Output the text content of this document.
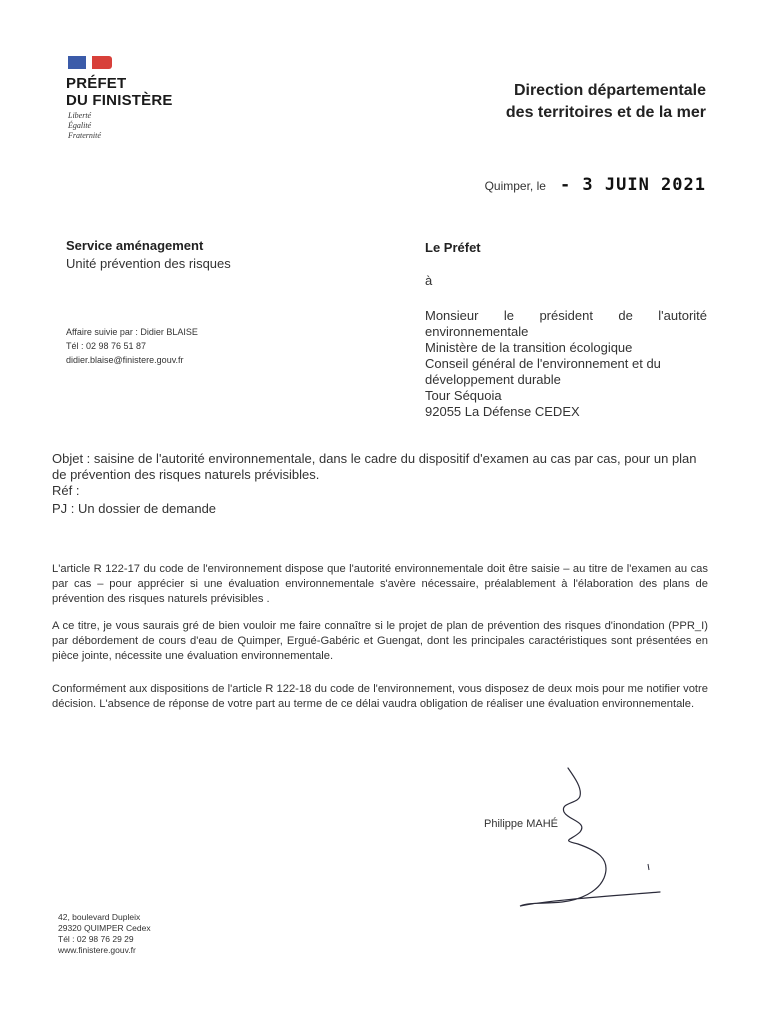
PRÉFET
DU FINISTÈRE
Liberté
Égalité
Fraternité
Direction départementale
des territoires et de la mer
Quimper, le - 3 JUIN 2021
Service aménagement
Unité prévention des risques
Affaire suivie par : Didier BLAISE
Tél : 02 98 76 51 87
didier.blaise@finistere.gouv.fr
Le Préfet
à
Monsieur le président de l'autorité
environnementale
Ministère de la transition écologique
Conseil général de l'environnement et du
développement durable
Tour Séquoia
92055 La Défense CEDEX
Objet : saisine de l'autorité environnementale, dans le cadre du dispositif d'examen au cas par cas, pour un plan de prévention des risques naturels prévisibles.
Réf :
PJ : Un dossier de demande
L'article R 122-17 du code de l'environnement dispose que l'autorité environnementale doit être saisie – au titre de l'examen au cas par cas – pour apprécier si une évaluation environnementale s'avère nécessaire, préalablement à l'élaboration des plans de prévention des risques naturels prévisibles .
A ce titre, je vous saurais gré de bien vouloir me faire connaître si le projet de plan de prévention des risques d'inondation (PPR_I) par débordement de cours d'eau de Quimper, Ergué-Gabéric et Guengat, dont les principales caractéristiques sont présentées en pièce jointe, nécessite une évaluation environnementale.
Conformément aux dispositions de l'article R 122-18 du code de l'environnement, vous disposez de deux mois pour me notifier votre décision. L'absence de réponse de votre part au terme de ce délai vaudra obligation de réaliser une évaluation environnementale.
Philippe MAHÉ
42, boulevard Dupleix
29320 QUIMPER Cedex
Tél : 02 98 76 29 29
www.finistere.gouv.fr
